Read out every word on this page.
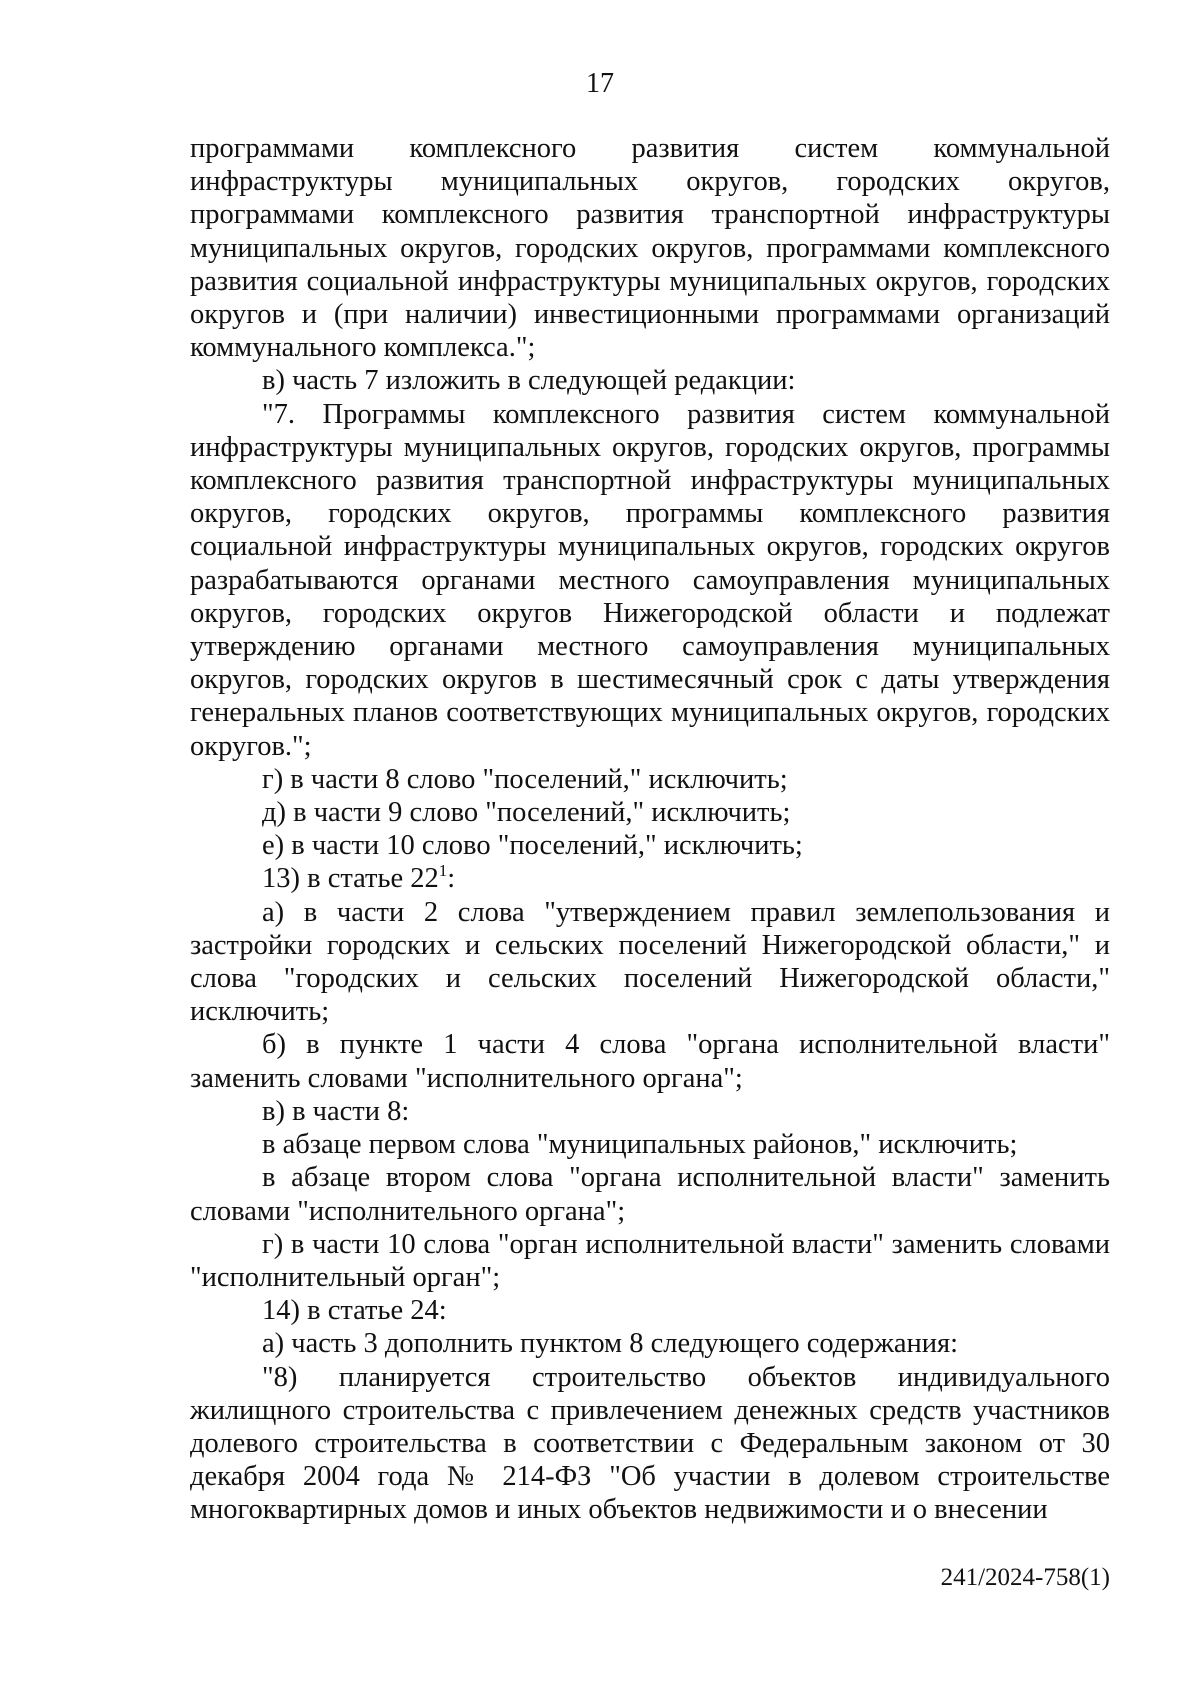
17

программами комплексного развития систем коммунальной инфраструктуры муниципальных округов, городских округов, программами комплексного развития транспортной инфраструктуры муниципальных округов, городских округов, программами комплексного развития социальной инфраструктуры муниципальных округов, городских округов и (при наличии) инвестиционными программами организаций коммунального комплекса.";

в) часть 7 изложить в следующей редакции:

"7. Программы комплексного развития систем коммунальной инфраструктуры муниципальных округов, городских округов, программы комплексного развития транспортной инфраструктуры муниципальных округов, городских округов, программы комплексного развития социальной инфраструктуры муниципальных округов, городских округов разрабатываются органами местного самоуправления муниципальных округов, городских округов Нижегородской области и подлежат утверждению органами местного самоуправления муниципальных округов, городских округов в шестимесячный срок с даты утверждения генеральных планов соответствующих муниципальных округов, городских округов.";

г) в части 8 слово "поселений," исключить;

д) в части 9 слово "поселений," исключить;

е) в части 10 слово "поселений," исключить;

13) в статье $22^1$:

а) в части 2 слова "утверждением правил землепользования и застройки городских и сельских поселений Нижегородской области," и слова "городских и сельских поселений Нижегородской области," исключить;

б) в пункте 1 части 4 слова "органа исполнительной власти" заменить словами "исполнительного органа";

в) в части 8:

в абзаце первом слова "муниципальных районов," исключить;

в абзаце втором слова "органа исполнительной власти" заменить словами "исполнительного органа";

г) в части 10 слова "орган исполнительной власти" заменить словами "исполнительный орган";

14) в статье 24:

а) часть 3 дополнить пунктом 8 следующего содержания:

"8) планируется строительство объектов индивидуального жилищного строительства с привлечением денежных средств участников долевого строительства в соответствии с Федеральным законом от 30 декабря 2004 года № 214-ФЗ "Об участии в долевом строительстве многоквартирных домов и иных объектов недвижимости и о внесении

241/2024-758(1)
